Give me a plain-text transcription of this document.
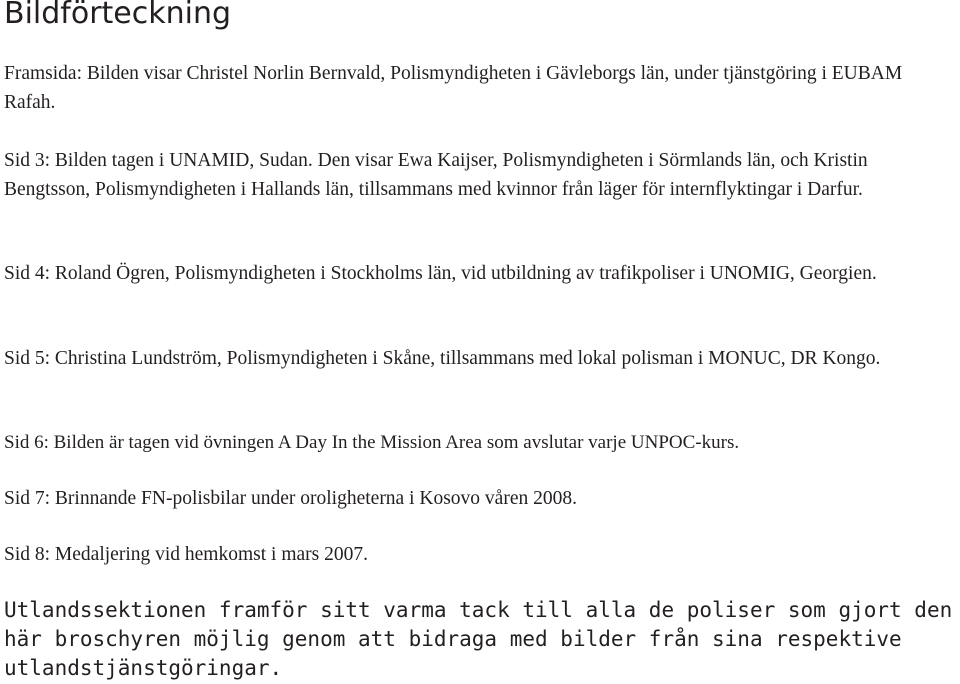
Bildförteckning

Framsida: Bilden visar Christel Norlin Bernvald, Polismyndigheten i Gävleborgs län, under tjänstgöring i EUBAM Rafah.

Sid 3: Bilden tagen i UNAMID, Sudan. Den visar Ewa Kaijser, Polismyndigheten i Sörmlands län, och Kristin Bengtsson, Polismyndigheten i Hallands län, tillsammans med kvinnor från läger för internflyktingar i Darfur.

Sid 4: Roland Ögren, Polismyndigheten i Stockholms län, vid utbildning av trafikpoliser i UNOMIG, Georgien.

Sid 5: Christina Lundström, Polismyndigheten i Skåne, tillsammans med lokal polisman i MONUC, DR Kongo.

Sid 6: Bilden är tagen vid övningen A Day In the Mission Area som avslutar varje UNPOC-kurs.

Sid 7: Brinnande FN-polisbilar under oroligheterna i Kosovo våren 2008.

Sid 8: Medaljering vid hemkomst i mars 2007.

Utlandssektionen framför sitt varma tack till alla de poliser som gjort den här broschyren möjlig genom att bidraga med bilder från sina respektive utlandstjänstgöringar.
